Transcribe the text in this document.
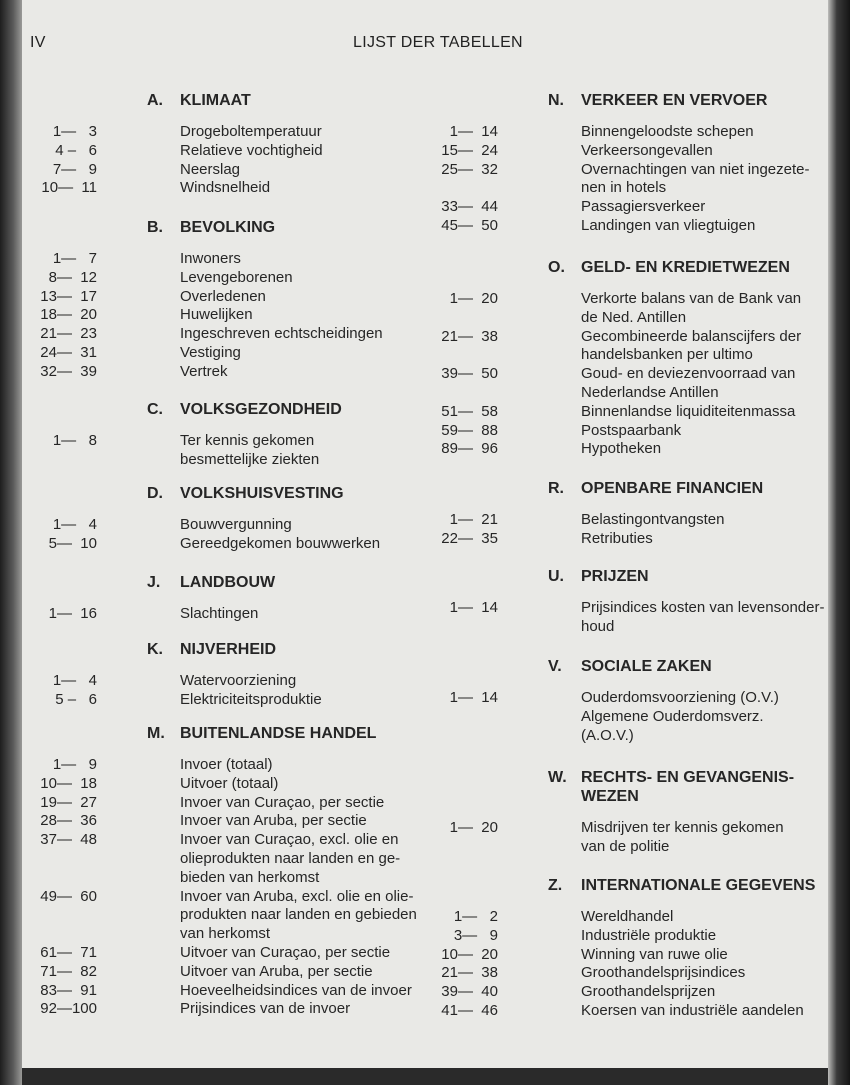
IV	LIJST DER TABELLEN
A. KLIMAAT
1—   3	Drogeboltemperatuur
4 –   6	Relatieve vochtigheid
7—   9	Neerslag
10—  11	Windsnelheid
B. BEVOLKING
1—   7	Inwoners
8—  12	Levengeborenen
13—  17	Overledenen
18—  20	Huwelijken
21—  23	Ingeschreven echtscheidingen
24—  31	Vestiging
32—  39	Vertrek
C. VOLKSGEZONDHEID
1—   8	Ter kennis gekomen
besmettelijke ziekten
D. VOLKSHUISVESTING
1—   4	Bouwvergunning
5—  10	Gereedgekomen bouwwerken
J. LANDBOUW
1—  16	Slachtingen
K. NIJVERHEID
1—   4	Watervoorziening
5 –   6	Elektriciteitsproduktie
M. BUITENLANDSE HANDEL
1—   9	Invoer (totaal)
10—  18	Uitvoer (totaal)
19—  27	Invoer van Curaçao, per sectie
28—  36	Invoer van Aruba, per sectie
37—  48	Invoer van Curaçao, excl. olie en
olieprodukten naar landen en ge-
bieden van herkomst
49—  60	Invoer van Aruba, excl. olie en olie-
produkten naar landen en gebieden
van herkomst
61—  71	Uitvoer van Curaçao, per sectie
71—  82	Uitvoer van Aruba, per sectie
83—  91	Hoeveelheidsindices van de invoer
92—100	Prijsindices van de invoer
N. VERKEER EN VERVOER
1—  14	Binnengeloodste schepen
15—  24	Verkeersongevallen
25—  32	Overnachtingen van niet ingezete-
nen in hotels
33—  44	Passagiersverkeer
45—  50	Landingen van vliegtuigen
O. GELD- EN KREDIETWEZEN
1—  20	Verkorte balans van de Bank van
de Ned. Antillen
21—  38	Gecombineerde balanscijfers der
handelsbanken per ultimo
39—  50	Goud- en deviezenvoorraad van
Nederlandse Antillen
51—  58	Binnenlandse liquiditeitenmassa
59—  88	Postspaarbank
89—  96	Hypotheken
R. OPENBARE FINANCIEN
1—  21	Belastingontvangsten
22—  35	Retributies
U. PRIJZEN
1—  14	Prijsindices kosten van levensonder-
houd
V. SOCIALE ZAKEN
1—  14	Ouderdomsvoorziening (O.V.)
Algemene Ouderdomsverz.
(A.O.V.)
W. RECHTS- EN GEVANGENIS-
WEZEN
1—  20	Misdrijven ter kennis gekomen
van de politie
Z. INTERNATIONALE GEGEVENS
1—   2	Wereldhandel
3—   9	Industriële produktie
10—  20	Winning van ruwe olie
21—  38	Groothandelsprijsindices
39—  40	Groothandelsprijzen
41—  46	Koersen van industriële aandelen
